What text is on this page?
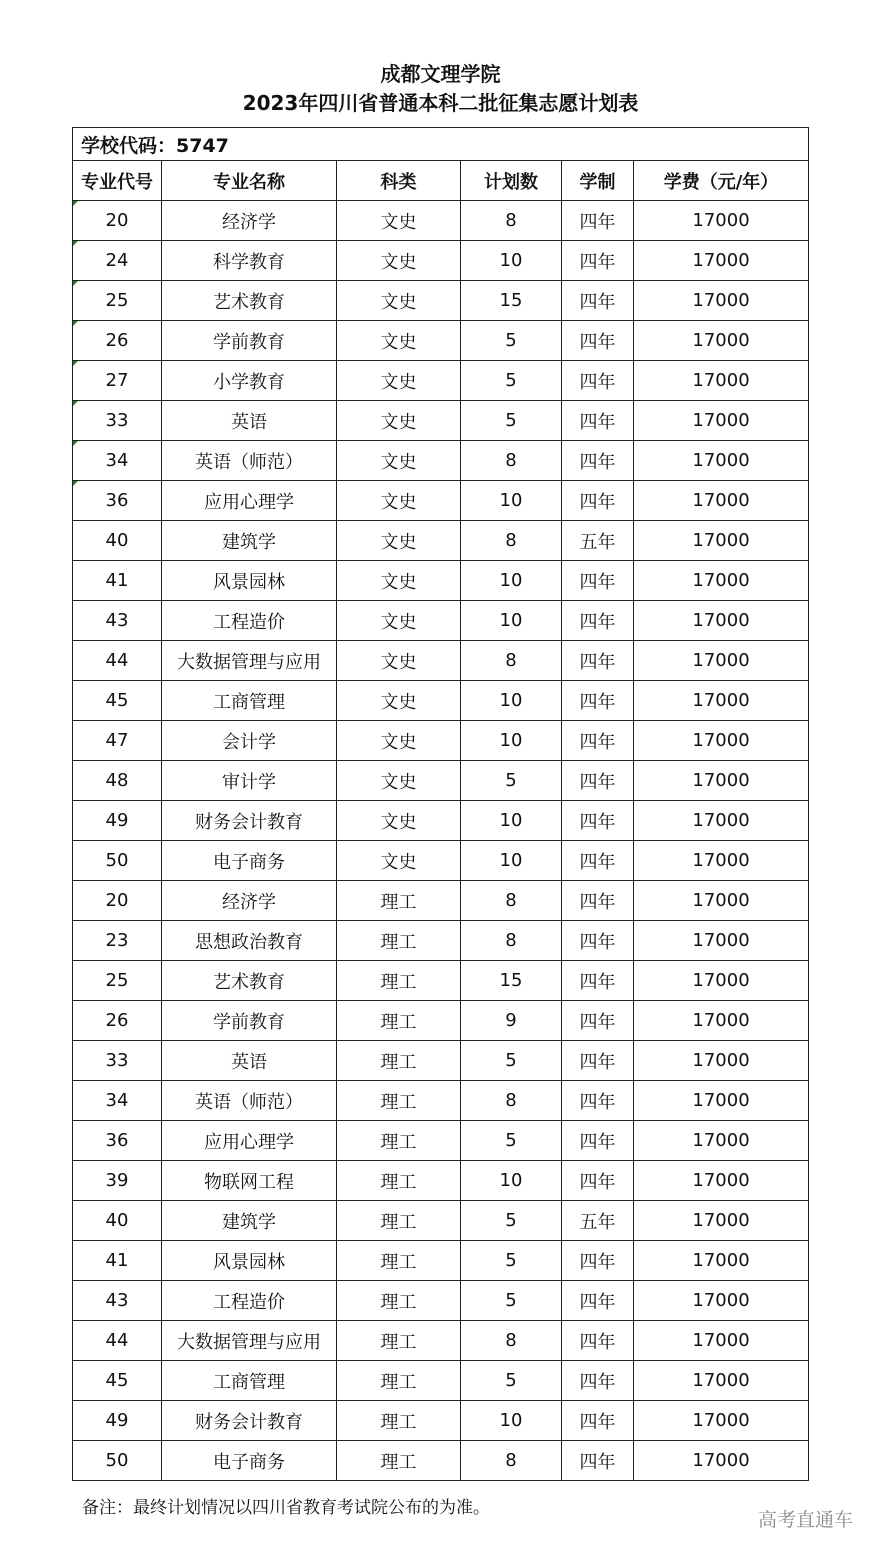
成都文理学院
2023年四川省普通本科二批征集志愿计划表
学校代码：5747					
专业代号	专业名称	科类	计划数	学制	学费（元/年）
20	经济学	文史	8	四年	17000
24	科学教育	文史	10	四年	17000
25	艺术教育	文史	15	四年	17000
26	学前教育	文史	5	四年	17000
27	小学教育	文史	5	四年	17000
33	英语	文史	5	四年	17000
34	英语（师范）	文史	8	四年	17000
36	应用心理学	文史	10	四年	17000
40	建筑学	文史	8	五年	17000
41	风景园林	文史	10	四年	17000
43	工程造价	文史	10	四年	17000
44	大数据管理与应用	文史	8	四年	17000
45	工商管理	文史	10	四年	17000
47	会计学	文史	10	四年	17000
48	审计学	文史	5	四年	17000
49	财务会计教育	文史	10	四年	17000
50	电子商务	文史	10	四年	17000
20	经济学	理工	8	四年	17000
23	思想政治教育	理工	8	四年	17000
25	艺术教育	理工	15	四年	17000
26	学前教育	理工	9	四年	17000
33	英语	理工	5	四年	17000
34	英语（师范）	理工	8	四年	17000
36	应用心理学	理工	5	四年	17000
39	物联网工程	理工	10	四年	17000
40	建筑学	理工	5	五年	17000
41	风景园林	理工	5	四年	17000
43	工程造价	理工	5	四年	17000
44	大数据管理与应用	理工	8	四年	17000
45	工商管理	理工	5	四年	17000
49	财务会计教育	理工	10	四年	17000
50	电子商务	理工	8	四年	17000
备注：最终计划情况以四川省教育考试院公布的为准。
高考直通车
